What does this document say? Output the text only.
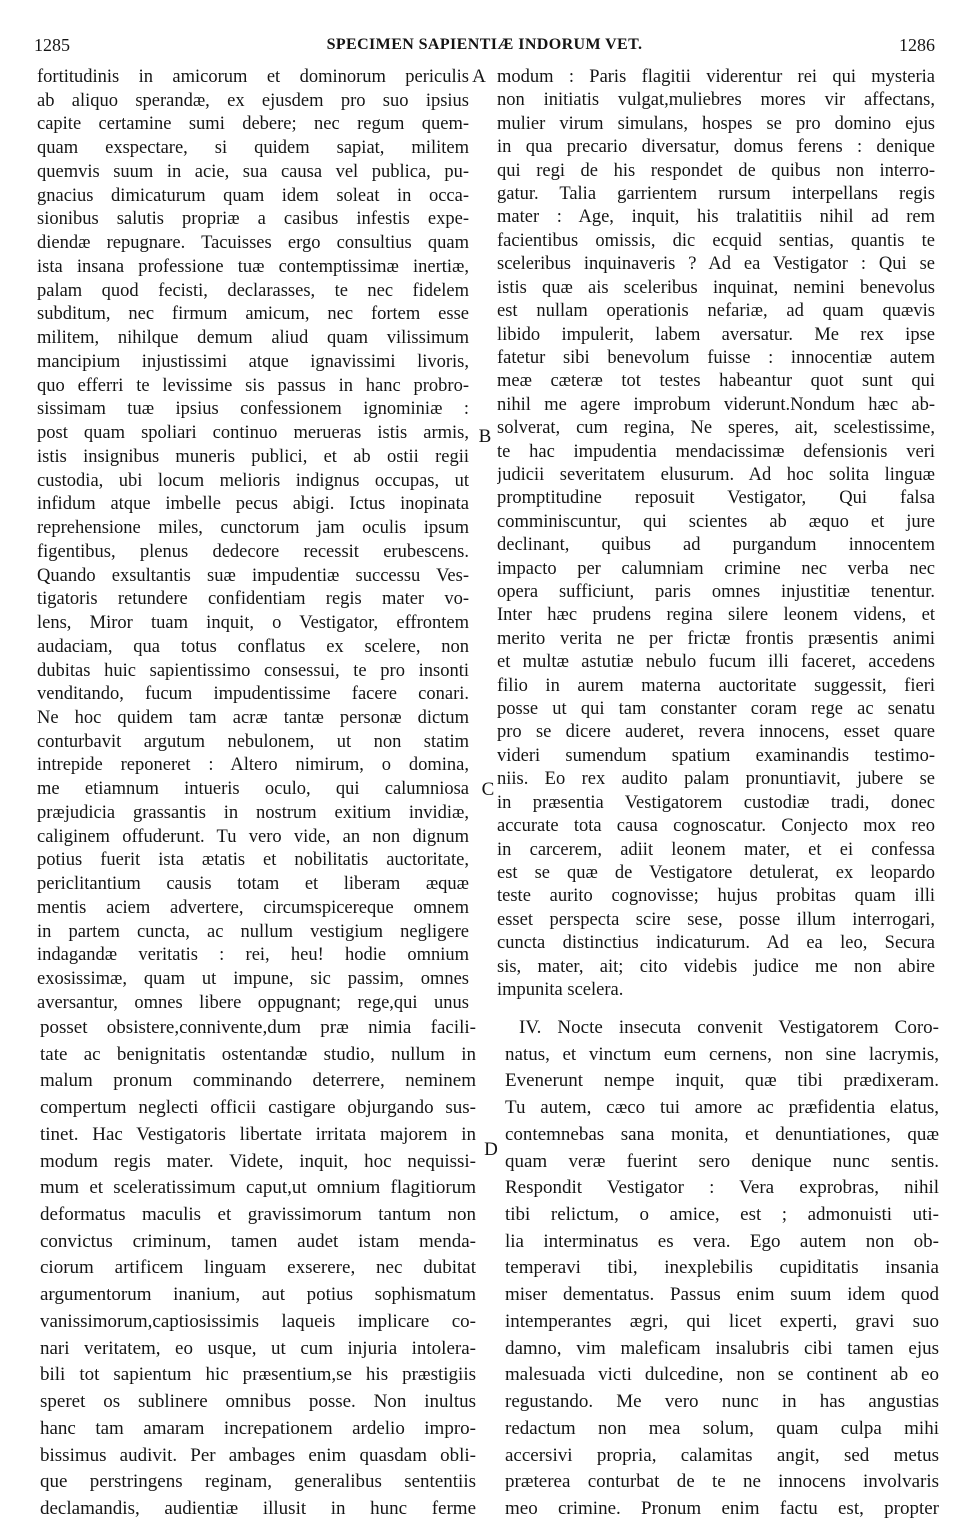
1285	SPECIMEN SAPIENTIÆ INDORUM VET.	1286
fortitudinis in amicorum et dominorum periculis
ab aliquo sperandæ, ex ejusdem pro suo ipsius
capite certamine sumi debere; nec regum quem-
quam exspectare, si quidem sapiat, militem
quemvis suum in acie, sua causa vel publica, pu-
gnacius dimicaturum quam idem soleat in occa-
sionibus salutis propriæ a casibus infestis expe-
diendæ repugnare. Tacuisses ergo consultius quam
ista insana professione tuæ contemptissimæ inertiæ,
palam quod fecisti, declarasses, te nec fidelem
subditum, nec firmum amicum, nec fortem esse
militem, nihilque demum aliud quam vilissimum
mancipium injustissimi atque ignavissimi livoris,
quo efferri te levissime sis passus in hanc probro-
sissimam tuæ ipsius confessionem ignominiæ :
post quam spoliari continuo merueras istis armis,
istis insignibus muneris publici, et ab ostii regii
custodia, ubi locum melioris indignus occupas, ut
infidum atque imbelle pecus abigi. Ictus inopinata
reprehensione miles, cunctorum jam oculis ipsum
figentibus, plenus dedecore recessit erubescens.
Quando exsultantis suæ impudentiæ successu Ves-
tigatoris retundere confidentiam regis mater vo-
lens, Miror tuam inquit, o Vestigator, effrontem
audaciam, qua totus conflatus ex scelere, non
dubitas huic sapientissimo consessui, te pro insonti
venditando, fucum impudentissime facere conari.
Ne hoc quidem tam acræ tantæ personæ dictum
conturbavit argutum nebulonem, ut non statim
intrepide reponeret : Altero nimirum, o domina,
me etiamnum intueris oculo, qui calumniosa
præjudicia grassantis in nostrum exitium invidiæ,
caliginem offuderunt. Tu vero vide, an non dignum
potius fuerit ista ætatis et nobilitatis auctoritate,
periclitantium causis totam et liberam æquæ
mentis aciem advertere, circumspicereque omnem
in partem cuncta, ac nullum vestigium negligere
indagandæ veritatis : rei, heu! hodie omnium
exosissimæ, quam ut impune, sic passim, omnes
aversantur, omnes libere oppugnant; rege,qui unus
posset obsistere,connivente,dum præ nimia facili-
tate ac benignitatis ostentandæ studio, nullum in
malum pronum comminando deterrere, neminem
compertum neglecti officii castigare objurgando sus-
tinet. Hac Vestigatoris libertate irritata majorem in
modum regis mater. Videte, inquit, hoc nequissi-
mum et sceleratissimum caput,ut omnium flagitiorum
deformatus maculis et gravissimorum tantum non
convictus criminum, tamen audet istam menda-
ciorum artificem linguam exserere, nec dubitat
argumentorum inanium, aut potius sophismatum
vanissimorum,captiosissimis laqueis implicare co-
nari veritatem, eo usque, ut cum injuria intolera-
bili tot sapientum hic præsentium,se his præstigiis
speret os sublinere omnibus posse. Non inultus
hanc tam amaram increpationem ardelio impro-
bissimus audivit. Per ambages enim quasdam obli-
que perstringens reginam, generalibus sententiis
declamandis, audientiæ illusit in hunc ferme
modum : Paris flagitii viderentur rei qui mysteria
non initiatis vulgat,muliebres mores vir affectans,
mulier virum simulans, hospes se pro domino ejus
in qua precario diversatur, domus ferens : denique
qui regi de his respondet de quibus non interro-
gatur. Talia garrientem rursum interpellans regis
mater : Age, inquit, his tralatitiis nihil ad rem
facientibus omissis, dic ecquid sentias, quantis te
sceleribus inquinaveris ? Ad ea Vestigator : Qui se
istis quæ ais sceleribus inquinat, nemini benevolus
est nullam operationis nefariæ, ad quam quævis
libido impulerit, labem aversatur. Me rex ipse
fatetur sibi benevolum fuisse : innocentiæ autem
meæ cæteræ tot testes habeantur quot sunt qui
nihil me agere improbum viderunt.Nondum hæc ab-
solverat, cum regina, Ne speres, ait, scelestissime,
te hac impudentia mendacissimæ defensionis veri
judicii severitatem elusurum. Ad hoc solita linguæ
promptitudine reposuit Vestigator, Qui falsa
comminiscuntur, qui scientes ab æquo et jure
declinant, quibus ad purgandum innocentem
impacto per calumniam crimine nec verba nec
opera sufficiunt, paris omnes injustitiæ tenentur.
Inter hæc prudens regina silere leonem videns, et
merito verita ne per frictæ frontis præsentis animi
et multæ astutiæ nebulo fucum illi faceret, accedens
filio in aurem materna auctoritate suggessit, fieri
posse ut qui tam constanter coram rege ac senatu
pro se dicere auderet, revera innocens, esset quare
videri sumendum spatium examinandis testimo-
niis. Eo rex audito palam pronuntiavit, jubere se
in præsentia Vestigatorem custodiæ tradi, donec
accurate tota causa cognoscatur. Conjecto mox reo
in carcerem, adiit leonem mater, et ei confessa
est se quæ de Vestigatore detulerat, ex leopardo
teste aurito cognovisse; hujus probitas quam illi
esset perspecta scire sese, posse illum interrogari,
cuncta distinctius indicaturum. Ad ea leo, Secura
sis, mater, ait; cito videbis judice me non abire
impunita scelera.
IV. Nocte insecuta convenit Vestigatorem Coro-
natus, et vinctum eum cernens, non sine lacrymis,
Evenerunt nempe inquit, quæ tibi prædixeram.
Tu autem, cæco tui amore ac præfidentia elatus,
contemnebas sana monita, et denuntiationes, quæ
quam veræ fuerint sero denique nunc sentis.
Respondit Vestigator : Vera exprobras, nihil
tibi relictum, o amice, est ; admonuisti uti-
lia interminatus es vera. Ego autem non ob-
temperavi tibi, inexplebilis cupiditatis insania
miser dementatus. Passus enim suum idem quod
intemperantes ægri, qui licet experti, gravi suo
damno, vim maleficam insalubris cibi tamen ejus
malesuada victi dulcedine, non se continent ab eo
regustando. Me vero nunc in has angustias
redactum non mea solum, quam culpa mihi
accersivi propria, calamitas angit, sed metus
præterea conturbat de te ne innocens involvaris
meo crimine. Pronum enim factu est, propter
A
B
C
D
